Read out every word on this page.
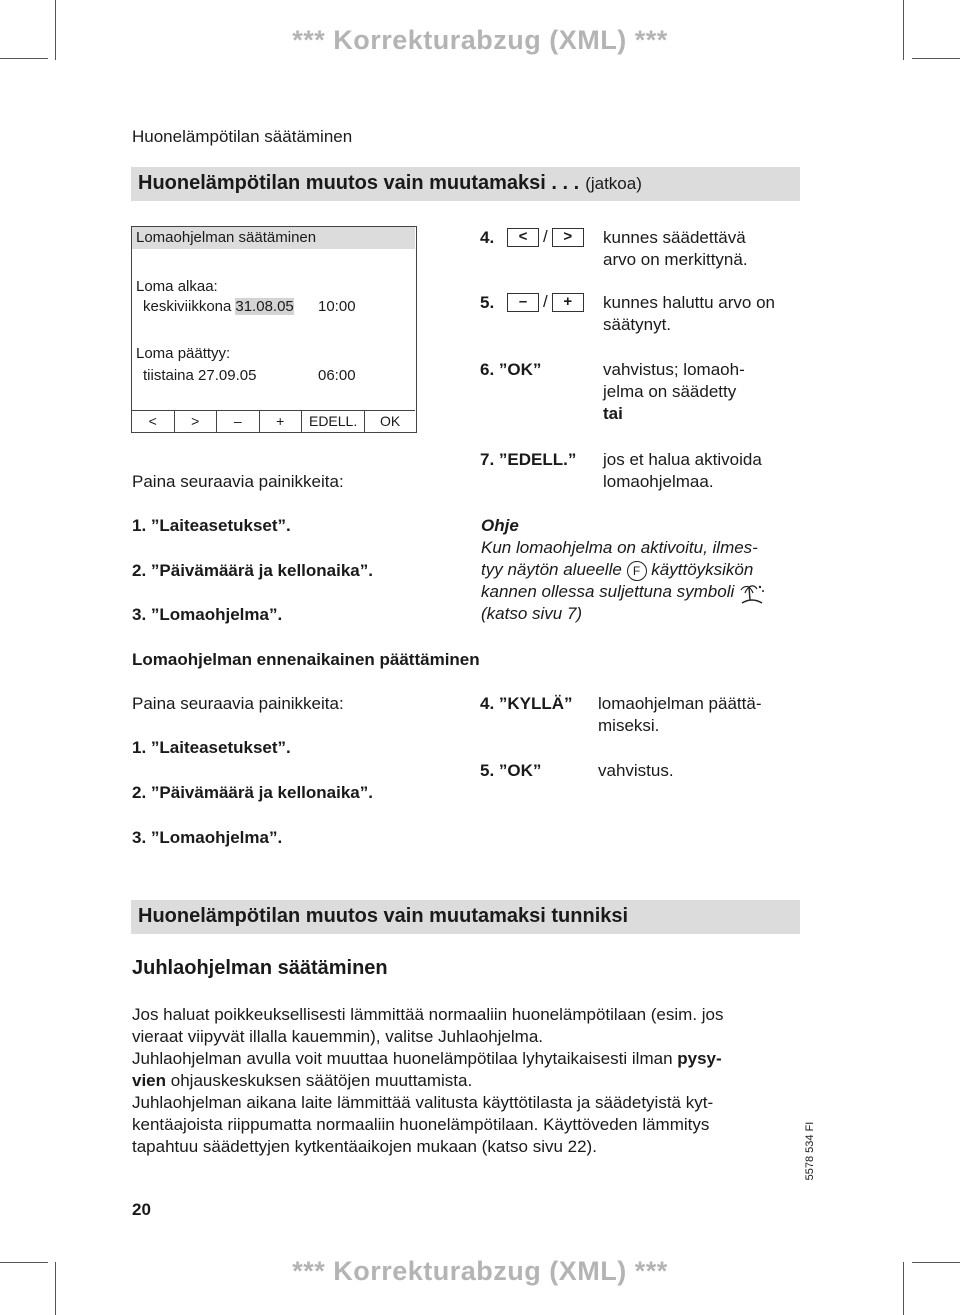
*** Korrekturabzug (XML) ***
Huonelämpötilan säätäminen
Huonelämpötilan muutos vain muutamaksi . . . (jatkoa)
Lomaohjelman säätäminen
Loma alkaa:
keskiviikkona 31.08.05 10:00
Loma päättyy:
tiistaina 27.09.05	06:00
<	>	–	+	EDELL.	OK
Paina seuraavia painikkeita:
1. ”Laiteasetukset”.
2. ”Päivämäärä ja kellonaika”.
3. ”Lomaohjelma”.
4.	< / >	kunnes säädettävä
arvo on merkittynä.
5.	– / +	kunnes haluttu arvo on
säätynyt.
6. ”OK”	vahvistus; lomaoh-
jelma on säädetty
tai
7. ”EDELL.” jos et halua aktivoida
lomaohjelmaa.
Ohje
Kun lomaohjelma on aktivoitu, ilmes-
tyy näytön alueelle F käyttöyksikön
kannen ollessa suljettuna symboli
(katso sivu 7)
Lomaohjelman ennenaikainen päättäminen
Paina seuraavia painikkeita:
1. ”Laiteasetukset”.
2. ”Päivämäärä ja kellonaika”.
3. ”Lomaohjelma”.
4. ”KYLLÄ” lomaohjelman päättä-
miseksi.
5. ”OK”	vahvistus.
Huonelämpötilan muutos vain muutamaksi tunniksi
Juhlaohjelman säätäminen
Jos haluat poikkeuksellisesti lämmittää normaaliin huonelämpötilaan (esim. jos
vieraat viipyvät illalla kauemmin), valitse Juhlaohjelma.
Juhlaohjelman avulla voit muuttaa huonelämpötilaa lyhytaikaisesti ilman pysy-
vien ohjauskeskuksen säätöjen muuttamista.
Juhlaohjelman aikana laite lämmittää valitusta käyttötilasta ja säädetyistä kyt-
kentäajoista riippumatta normaaliin huonelämpötilaan. Käyttöveden lämmitys
tapahtuu säädettyjen kytkentäaikojen mukaan (katso sivu 22).
20
5578 534 FI
*** Korrekturabzug (XML) ***
